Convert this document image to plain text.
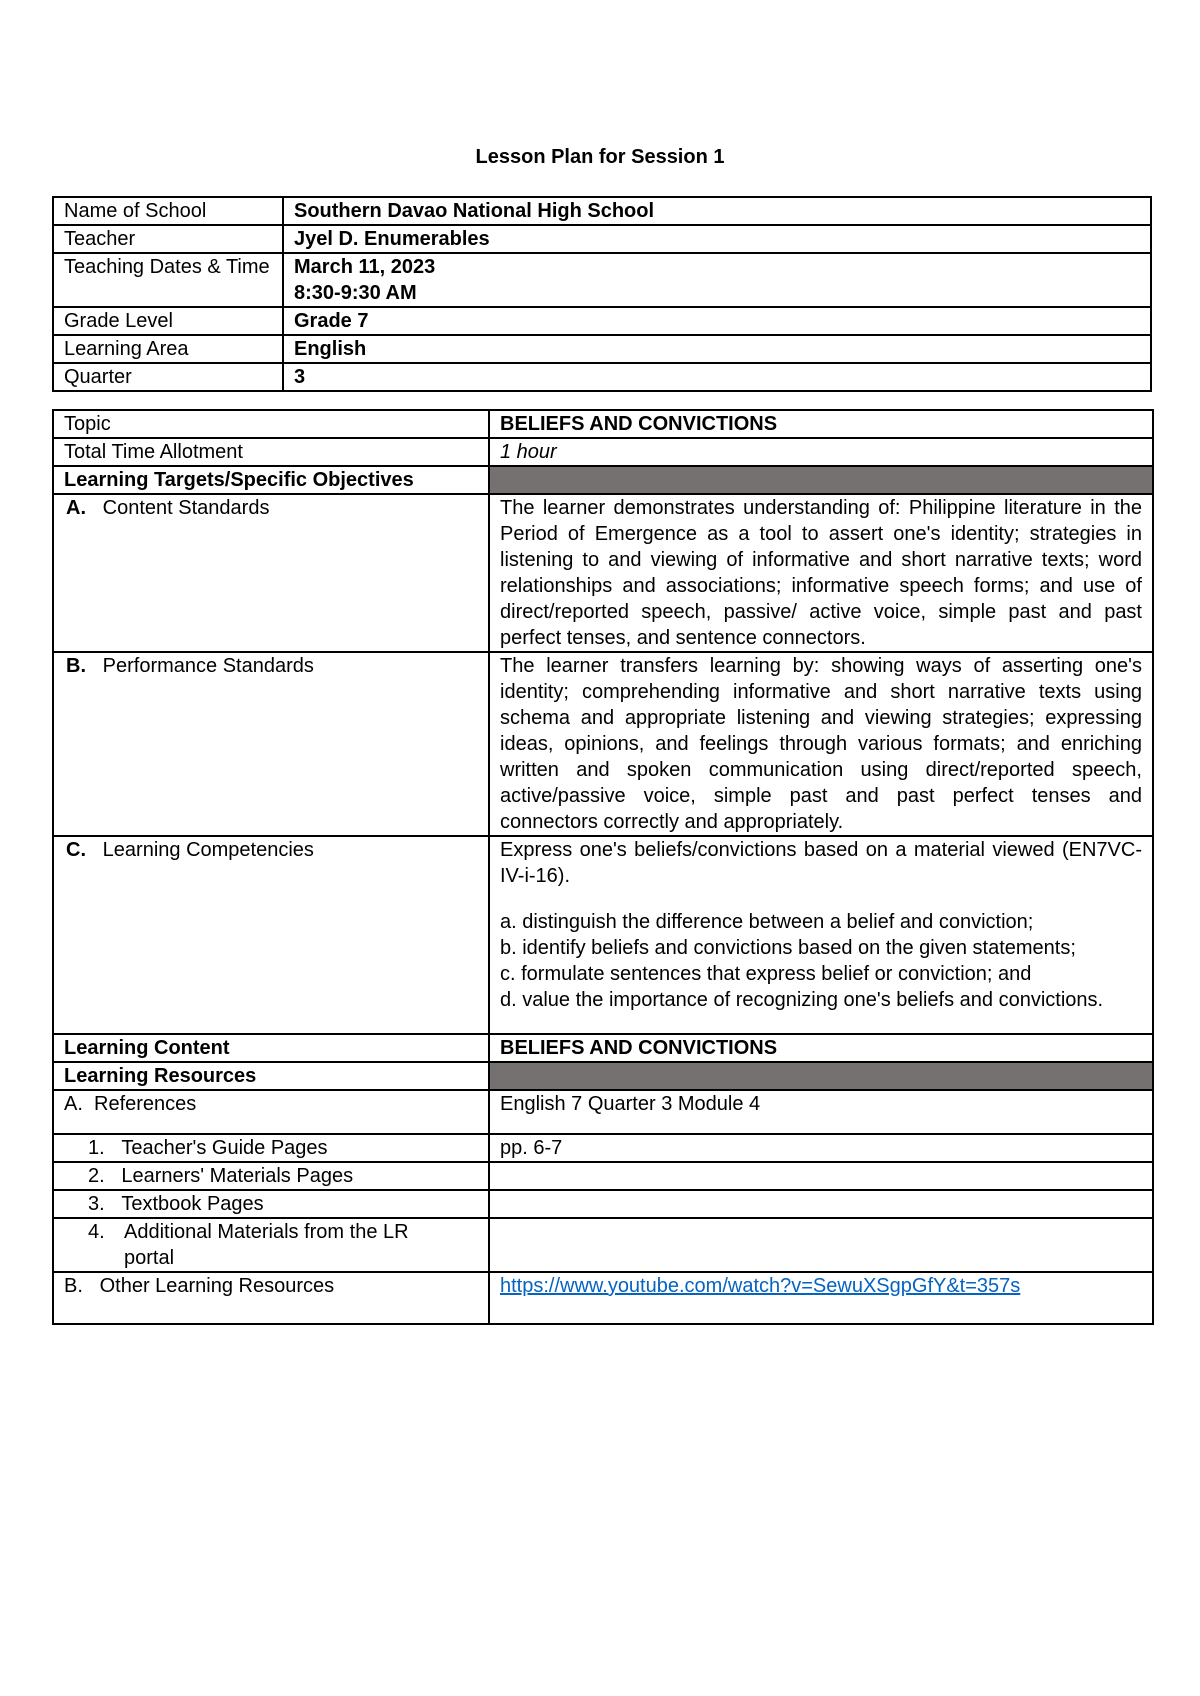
Lesson Plan for Session 1
Name of School	Southern Davao National High School
Teacher	Jyel D. Enumerables
Teaching Dates & Time	March 11, 2023
8:30-9:30 AM

Grade Level	Grade 7
Learning Area	English
Quarter	3
Topic	BELIEFS AND CONVICTIONS
Total Time Allotment	1 hour
Learning Targets/Specific Objectives	
A. Content Standards	The learner demonstrates understanding of: Philippine literature in the Period of Emergence as a tool to assert one's identity; strategies in listening to and viewing of informative and short narrative texts; word relationships and associations; informative speech forms; and use of direct/reported speech, passive/ active voice, simple past and past perfect tenses, and sentence connectors.
B. Performance Standards	The learner transfers learning by: showing ways of asserting one's identity; comprehending informative and short narrative texts using schema and appropriate listening and viewing strategies; expressing ideas, opinions, and feelings through various formats; and enriching written and spoken communication using direct/reported speech, active/passive voice, simple past and past perfect tenses and connectors correctly and appropriately.
C. Learning Competencies	Express one's beliefs/convictions based on a material viewed (EN7VC-IV-i-16).
a. distinguish the difference between a belief and conviction;
b. identify beliefs and convictions based on the given statements;
c. formulate sentences that express belief or conviction; and
d. value the importance of recognizing one's beliefs and convictions.

Learning Content	BELIEFS AND CONVICTIONS
Learning Resources	
A.  References	English 7 Quarter 3 Module 4
1.   Teacher's Guide Pages	pp. 6-7
2.   Learners' Materials Pages	
3.   Textbook Pages	

4. Additional Materials from the LR portal	

B.   Other Learning Resources	https://www.youtube.com/watch?v=SewuXSgpGfY&t=357s
